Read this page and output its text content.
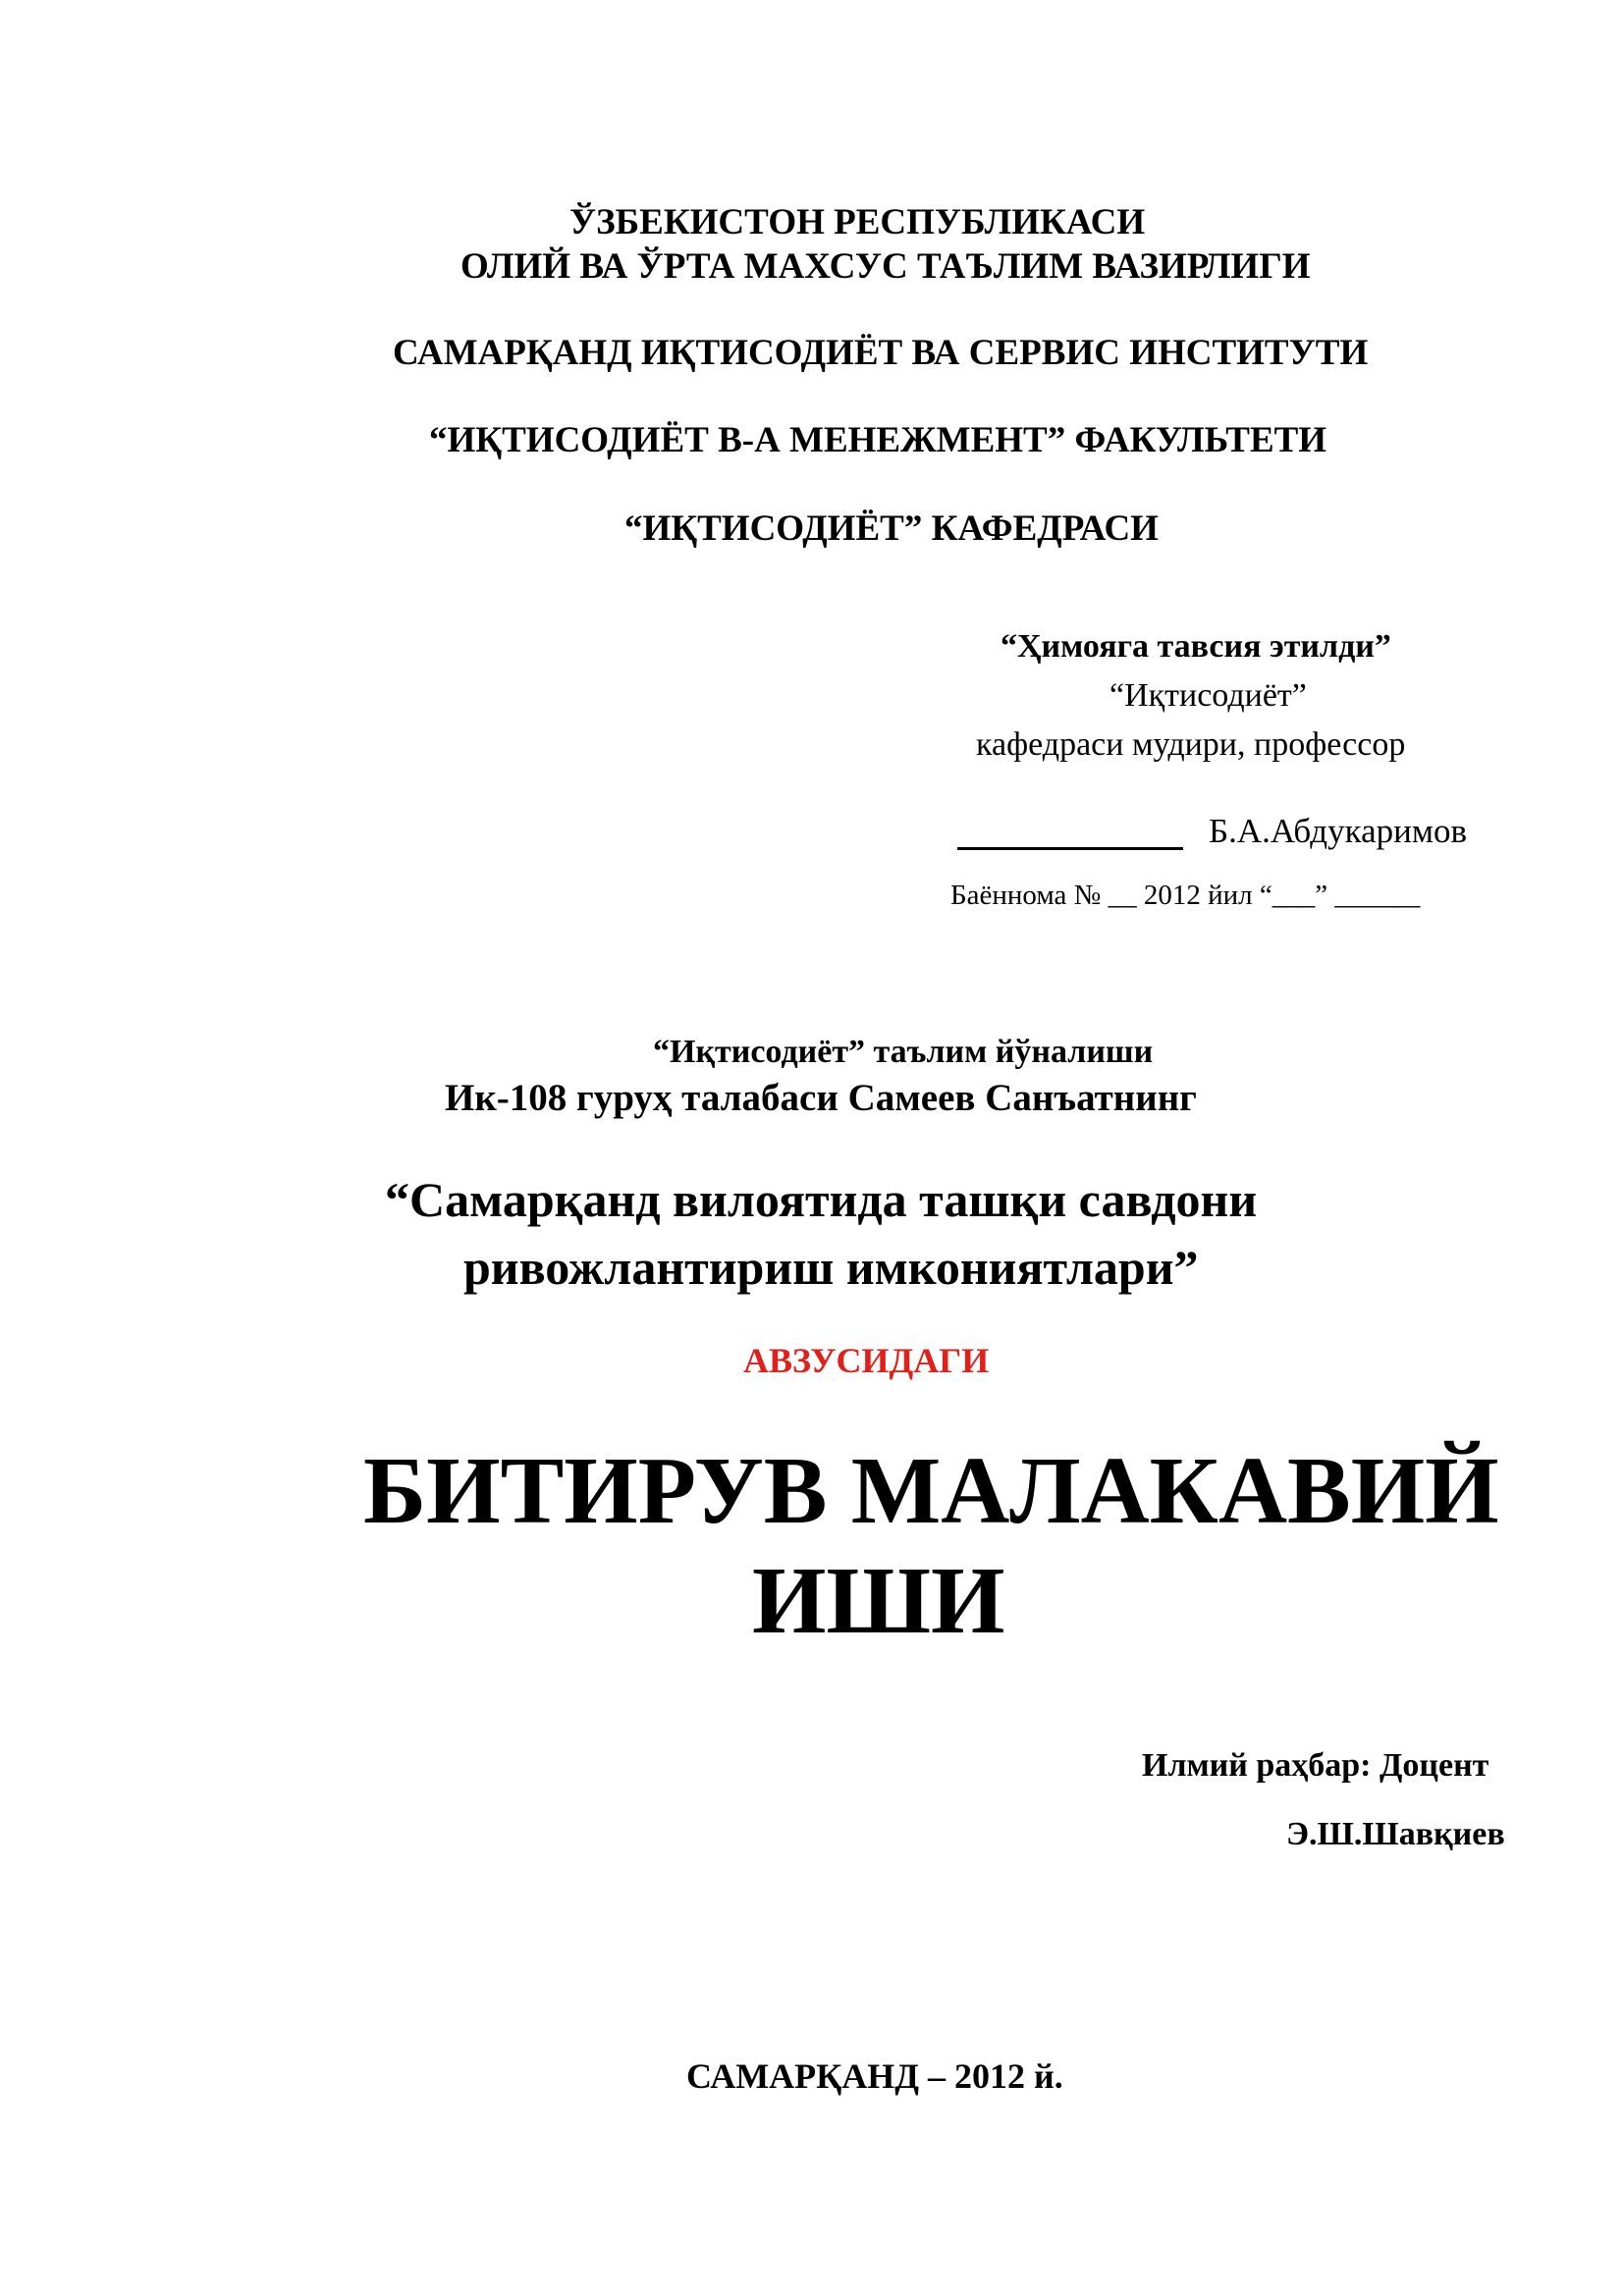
ЎЗБЕКИСТОН РЕСПУБЛИКАСИ
ОЛИЙ ВА ЎРТА МАХСУС ТАЪЛИМ ВАЗИРЛИГИ
САМАРҚАНД ИҚТИСОДИЁТ ВА СЕРВИС ИНСТИТУТИ
“ИҚТИСОДИЁТ В-А МЕНЕЖМЕНТ” ФАКУЛЬТЕТИ
“ИҚТИСОДИЁТ” КАФЕДРАСИ
“Ҳимояга тавсия этилди”
“Иқтисодиёт”
кафедраси мудири, профессор
Б.А.Абдукаримов
Баённома № __ 2012 йил “___” ______
“Иқтисодиёт” таълим йўналиши
Ик-108 гуруҳ талабаси Самеев Санъатнинг
“Самарқанд вилоятида ташқи савдони
ривожлантириш имкониятлари”
АВЗУСИДАГИ
БИТИРУВ МАЛАКАВИЙ
ИШИ
Илмий раҳбар: Доцент
Э.Ш.Шавқиев
САМАРҚАНД – 2012 й.
